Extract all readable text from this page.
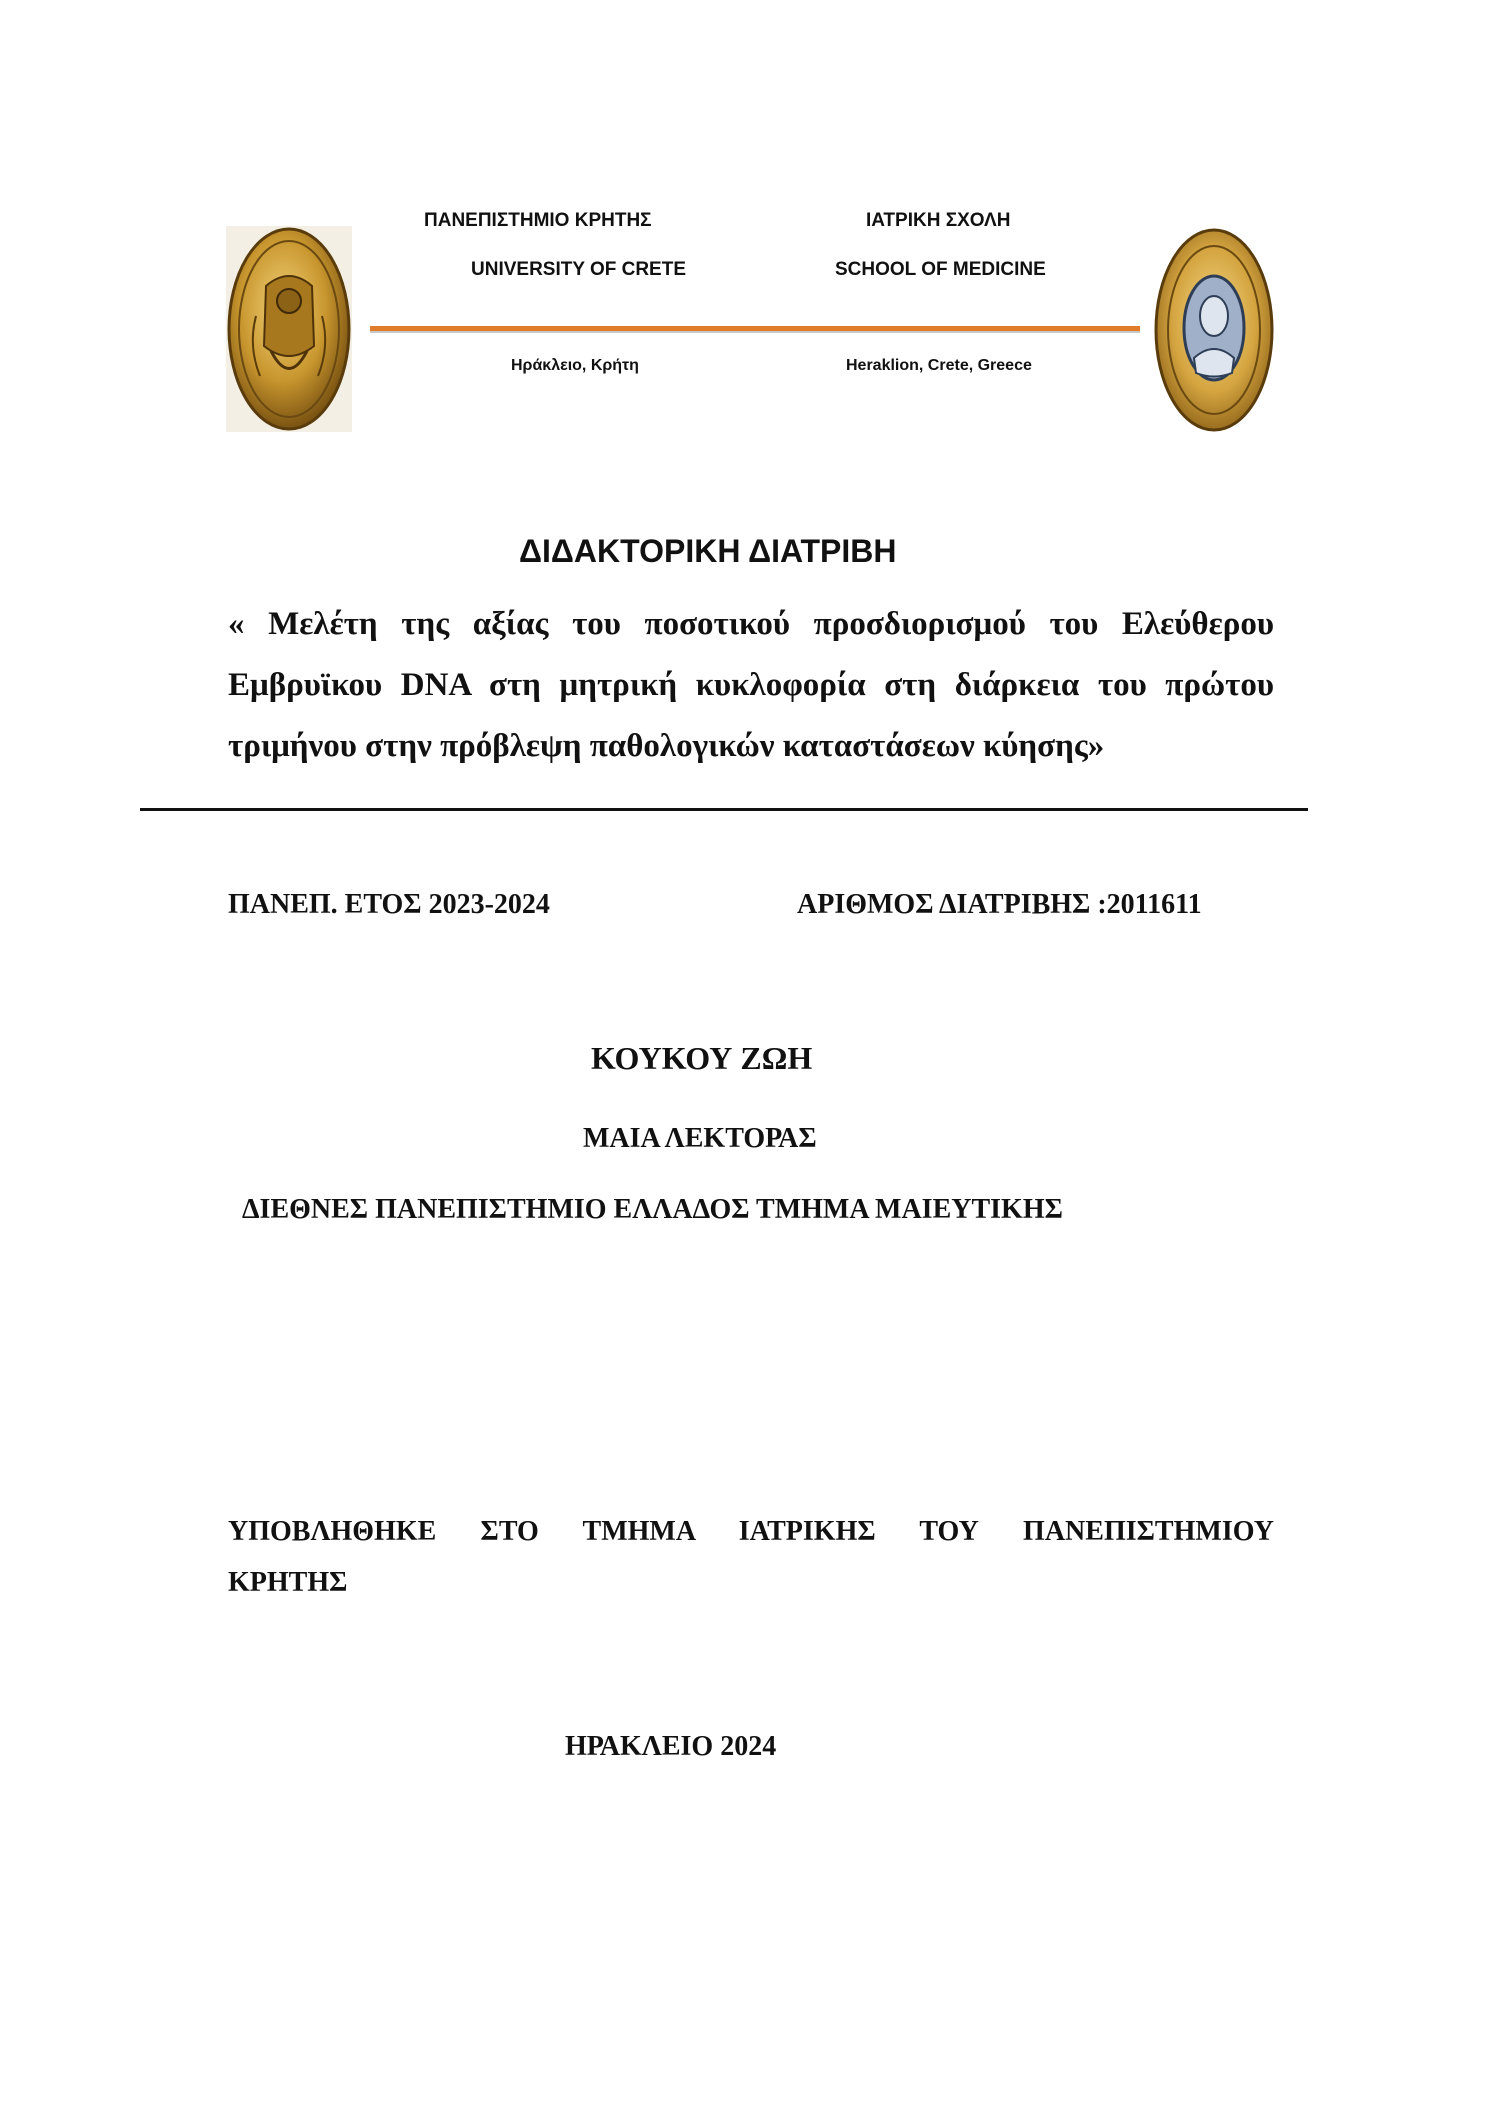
ΠΑΝΕΠΙΣΤΗΜΙΟ ΚΡΗΤΗΣ	ΙΑΤΡΙΚΗ ΣΧΟΛΗ
UNIVERSITY OF CRETE	SCHOOL OF MEDICINE
Ηράκλειο, Κρήτη	Heraklion, Crete, Greece
ΔΙΔΑΚΤΟΡΙΚΗ ΔΙΑΤΡΙΒΗ
« Μελέτη της αξίας του ποσοτικού προσδιορισμού του Ελεύθερου
Εμβρυϊκου DNA στη μητρική κυκλοφορία στη διάρκεια του πρώτου
τριμήνου στην πρόβλεψη παθολογικών καταστάσεων κύησης»
ΠΑΝΕΠ. ΕΤΟΣ 2023-2024	ΑΡΙΘΜΟΣ ΔΙΑΤΡΙΒΗΣ :2011611
ΚΟΥΚΟΥ ΖΩΗ
ΜΑΙΑ ΛΕΚΤΟΡΑΣ
ΔΙΕΘΝΕΣ ΠΑΝΕΠΙΣΤΗΜΙΟ ΕΛΛΑΔΟΣ ΤΜΗΜΑ ΜΑΙΕΥΤΙΚΗΣ
ΥΠΟΒΛΗΘΗΚΕ ΣΤΟ ΤΜΗΜΑ ΙΑΤΡΙΚΗΣ ΤΟΥ ΠΑΝΕΠΙΣΤΗΜΙΟΥ
ΚΡΗΤΗΣ
ΗΡΑΚΛΕΙΟ 2024
